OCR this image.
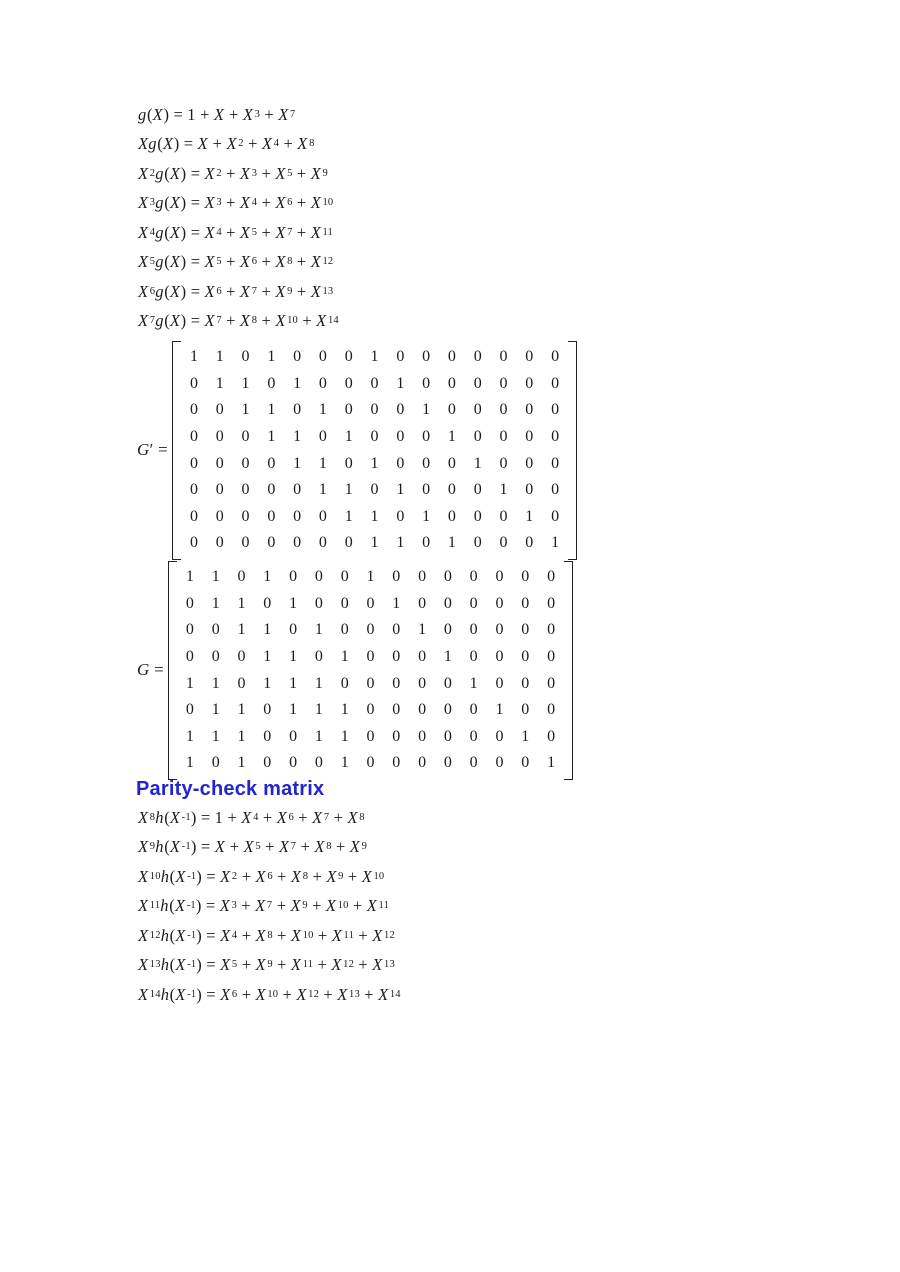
g ( X ) = 1 + X + X 3 + X 7
Xg ( X ) = X + X 2 + X 4 + X 8
X 2 g ( X ) = X 2 + X 3 + X 5 + X 9
X 3 g ( X ) = X 3 + X 4 + X 6 + X 10
X 4 g ( X ) = X 4 + X 5 + X 7 + X 11
X 5 g ( X ) = X 5 + X 6 + X 8 + X 12
X 6 g ( X ) = X 6 + X 7 + X 9 + X 13
X 7 g ( X ) = X 7 + X 8 + X 10 + X 14
G′ =
1	1	0	1	0	0	0	1	0	0	0	0	0	0	0
0	1	1	0	1	0	0	0	1	0	0	0	0	0	0
0	0	1	1	0	1	0	0	0	1	0	0	0	0	0
0	0	0	1	1	0	1	0	0	0	1	0	0	0	0
0	0	0	0	1	1	0	1	0	0	0	1	0	0	0
0	0	0	0	0	1	1	0	1	0	0	0	1	0	0
0	0	0	0	0	0	1	1	0	1	0	0	0	1	0
0	0	0	0	0	0	0	1	1	0	1	0	0	0	1
G =
1	1	0	1	0	0	0	1	0	0	0	0	0	0	0
0	1	1	0	1	0	0	0	1	0	0	0	0	0	0
0	0	1	1	0	1	0	0	0	1	0	0	0	0	0
0	0	0	1	1	0	1	0	0	0	1	0	0	0	0
1	1	0	1	1	1	0	0	0	0	0	1	0	0	0
0	1	1	0	1	1	1	0	0	0	0	0	1	0	0
1	1	1	0	0	1	1	0	0	0	0	0	0	1	0
1	0	1	0	0	0	1	0	0	0	0	0	0	0	1
Parity-check matrix
X 8 h ( X -1 ) = 1 + X 4 + X 6 + X 7 + X 8
X 9 h ( X -1 ) = X + X 5 + X 7 + X 8 + X 9
X 10 h ( X -1 ) = X 2 + X 6 + X 8 + X 9 + X 10
X 11 h ( X -1 ) = X 3 + X 7 + X 9 + X 10 + X 11
X 12 h ( X -1 ) = X 4 + X 8 + X 10 + X 11 + X 12
X 13 h ( X -1 ) = X 5 + X 9 + X 11 + X 12 + X 13
X 14 h ( X -1 ) = X 6 + X 10 + X 12 + X 13 + X 14
